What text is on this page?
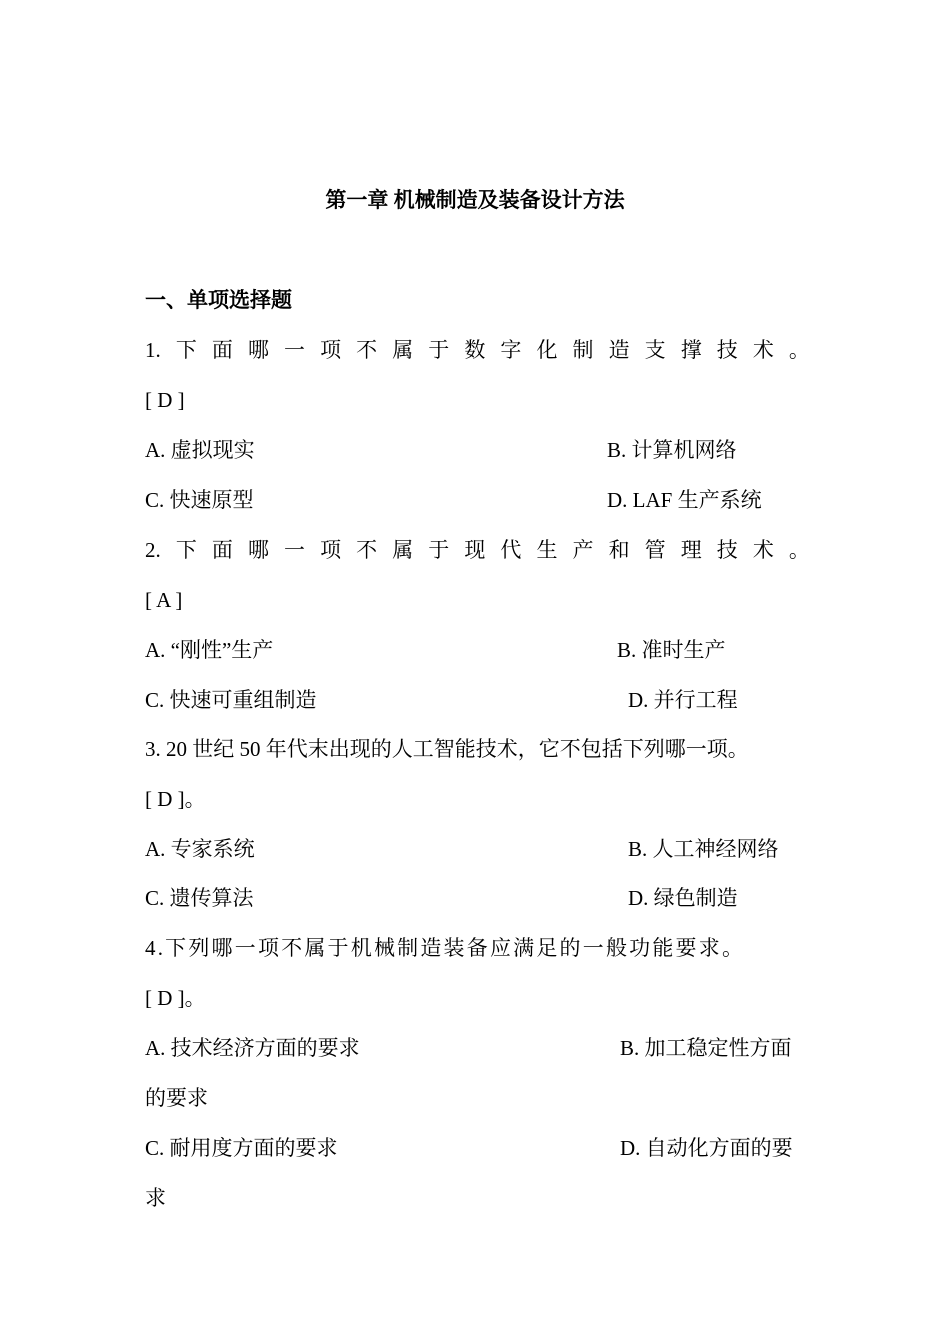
第一章 机械制造及装备设计方法
一、单项选择题
1. 下 面 哪 一 项 不 属 于 数 字 化 制 造 支 撑 技 术 。
[ D ]
A. 虚拟现实	B. 计算机网络
C. 快速原型	D. LAF 生产系统
2. 下 面 哪 一 项 不 属 于 现 代 生 产 和 管 理 技 术 。
[ A ]
A. “刚性”生产	B. 准时生产
C. 快速可重组制造	D. 并行工程
3. 20 世纪 50 年代末出现的人工智能技术，它不包括下列哪一项。
[ D ]。
A. 专家系统	B. 人工神经网络
C. 遗传算法	D. 绿色制造
4.下列哪一项不属于机械制造装备应满足的一般功能要求。
[ D ]。
A. 技术经济方面的要求	B. 加工稳定性方面
的要求
C. 耐用度方面的要求	D. 自动化方面的要
求
